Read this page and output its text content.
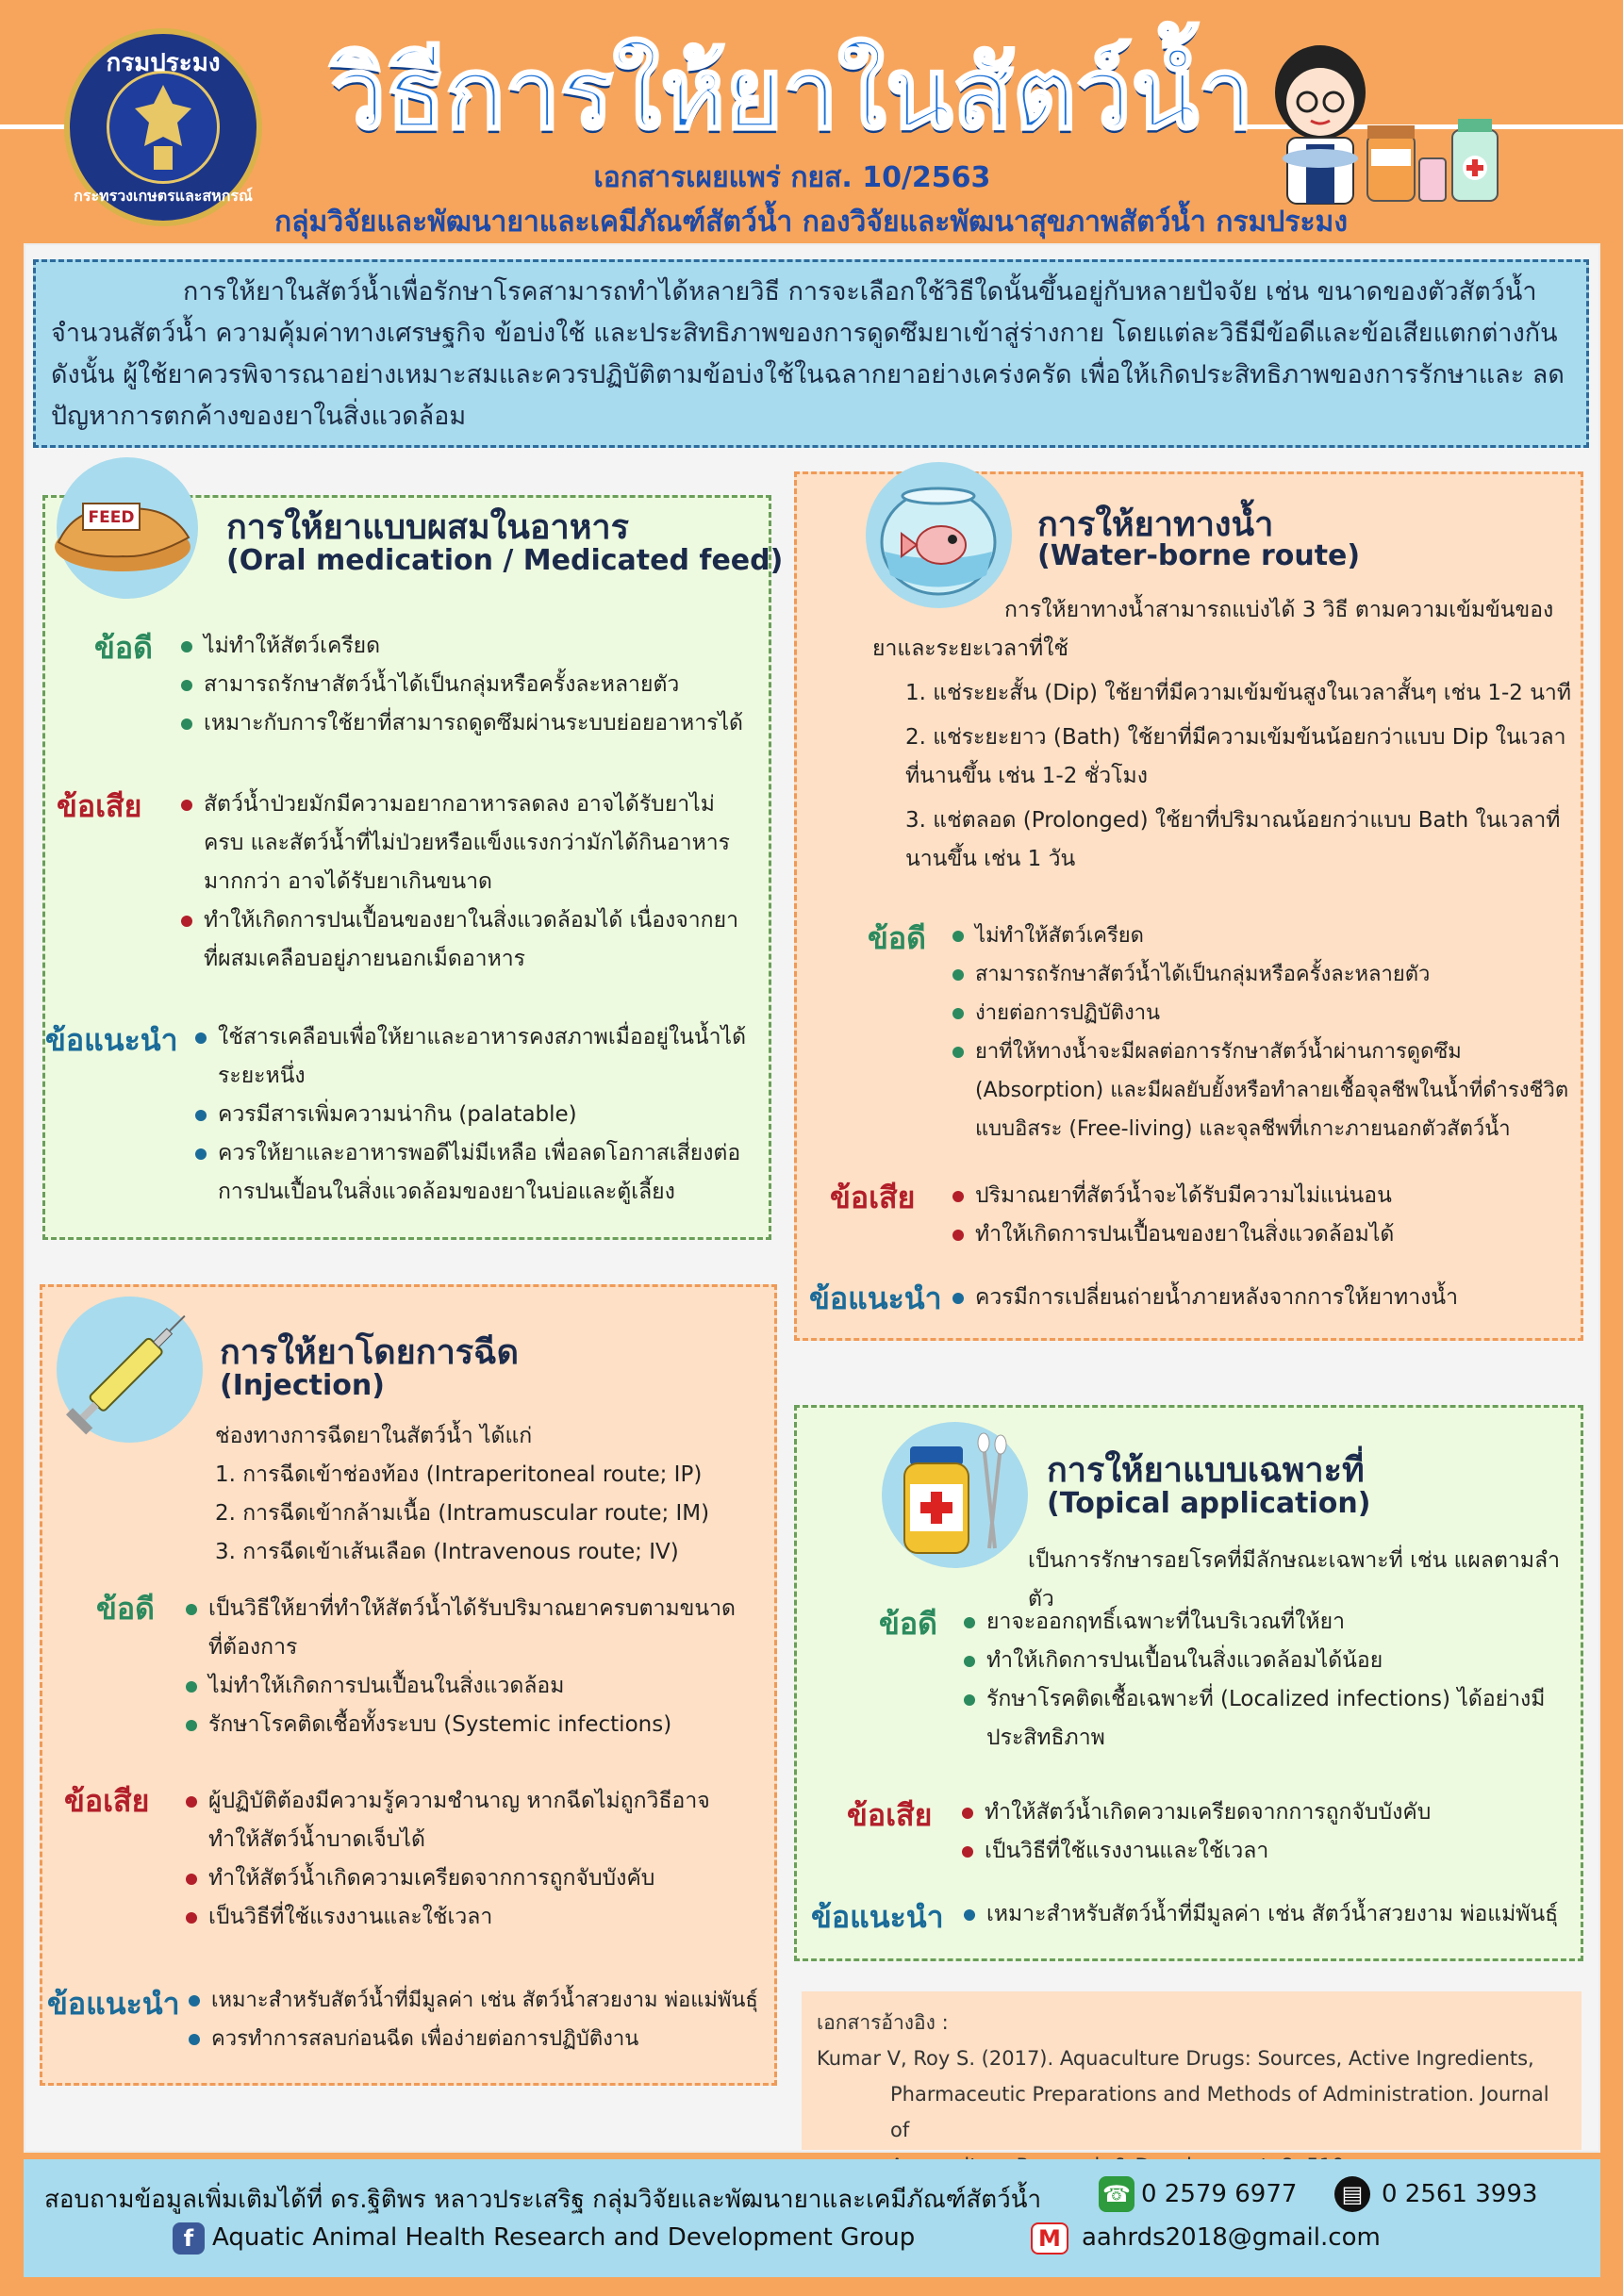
กรมประมง
กระทรวงเกษตรและสหกรณ์
วิธีการให้ยาในสัตว์น้ำ
เอกสารเผยแพร่ กยส. 10/2563
กลุ่มวิจัยและพัฒนายาและเคมีภัณฑ์สัตว์น้ำ กองวิจัยและพัฒนาสุขภาพสัตว์น้ำ กรมประมง

การให้ยาในสัตว์น้ำเพื่อรักษาโรคสามารถทำได้หลายวิธี การจะเลือกใช้วิธีใดนั้นขึ้นอยู่กับหลายปัจจัย เช่น ขนาดของตัวสัตว์น้ำ จำนวนสัตว์น้ำ ความคุ้มค่าทางเศรษฐกิจ ข้อบ่งใช้ และประสิทธิภาพของการดูดซึมยาเข้าสู่ร่างกาย โดยแต่ละวิธีมีข้อดีและข้อเสียแตกต่างกัน ดังนั้น ผู้ใช้ยาควรพิจารณาอย่างเหมาะสมและควรปฏิบัติตามข้อบ่งใช้ในฉลากยาอย่างเคร่งครัด เพื่อให้เกิดประสิทธิภาพของการรักษาและ ลดปัญหาการตกค้างของยาในสิ่งแวดล้อม

FEED	การให้ยาแบบผสมในอาหาร
(Oral medication / Medicated feed)
ข้อดี	ไม่ทำให้สัตว์เครียด
สามารถรักษาสัตว์น้ำได้เป็นกลุ่มหรือครั้งละหลายตัว
เหมาะกับการใช้ยาที่สามารถดูดซึมผ่านระบบย่อยอาหารได้
ข้อเสีย	สัตว์น้ำป่วยมักมีความอยากอาหารลดลง อาจได้รับยาไม่ครบ และสัตว์น้ำที่ไม่ป่วยหรือแข็งแรงกว่ามักได้กินอาหารมากกว่า อาจได้รับยาเกินขนาด
ทำให้เกิดการปนเปื้อนของยาในสิ่งแวดล้อมได้ เนื่องจากยาที่ผสมเคลือบอยู่ภายนอกเม็ดอาหาร
ข้อแนะนำ	ใช้สารเคลือบเพื่อให้ยาและอาหารคงสภาพเมื่ออยู่ในน้ำได้ระยะหนึ่ง
ควรมีสารเพิ่มความน่ากิน (palatable)
ควรให้ยาและอาหารพอดีไม่มีเหลือ เพื่อลดโอกาสเสี่ยงต่อการปนเปื้อนในสิ่งแวดล้อมของยาในบ่อและตู้เลี้ยง
การให้ยาทางน้ำ
(Water-borne route)
การให้ยาทางน้ำสามารถแบ่งได้ 3 วิธี ตามความเข้มข้นของยาและระยะเวลาที่ใช้
1. แช่ระยะสั้น (Dip) ใช้ยาที่มีความเข้มข้นสูงในเวลาสั้นๆ เช่น 1-2 นาที
2. แช่ระยะยาว (Bath) ใช้ยาที่มีความเข้มข้นน้อยกว่าแบบ Dip ในเวลาที่นานขึ้น เช่น 1-2 ชั่วโมง
3. แช่ตลอด (Prolonged) ใช้ยาที่ปริมาณน้อยกว่าแบบ Bath ในเวลาที่นานขึ้น เช่น 1 วัน
ข้อดี	ไม่ทำให้สัตว์เครียด
สามารถรักษาสัตว์น้ำได้เป็นกลุ่มหรือครั้งละหลายตัว
ง่ายต่อการปฏิบัติงาน
ยาที่ให้ทางน้ำจะมีผลต่อการรักษาสัตว์น้ำผ่านการดูดซึม (Absorption) และมีผลยับยั้งหรือทำลายเชื้อจุลชีพในน้ำที่ดำรงชีวิตแบบอิสระ (Free-living) และจุลชีพที่เกาะภายนอกตัวสัตว์น้ำ
ข้อเสีย	ปริมาณยาที่สัตว์น้ำจะได้รับมีความไม่แน่นอน
ทำให้เกิดการปนเปื้อนของยาในสิ่งแวดล้อมได้
ข้อแนะนำ	ควรมีการเปลี่ยนถ่ายน้ำภายหลังจากการให้ยาทางน้ำ
การให้ยาโดยการฉีด
(Injection)
ช่องทางการฉีดยาในสัตว์น้ำ ได้แก่
1. การฉีดเข้าช่องท้อง (Intraperitoneal route; IP)
2. การฉีดเข้ากล้ามเนื้อ (Intramuscular route; IM)
3. การฉีดเข้าเส้นเลือด (Intravenous route; IV)
ข้อดี	เป็นวิธีให้ยาที่ทำให้สัตว์น้ำได้รับปริมาณยาครบตามขนาดที่ต้องการ
ไม่ทำให้เกิดการปนเปื้อนในสิ่งแวดล้อม
รักษาโรคติดเชื้อทั้งระบบ (Systemic infections)
ข้อเสีย	ผู้ปฏิบัติต้องมีความรู้ความชำนาญ หากฉีดไม่ถูกวิธีอาจทำให้สัตว์น้ำบาดเจ็บได้
ทำให้สัตว์น้ำเกิดความเครียดจากการถูกจับบังคับ
เป็นวิธีที่ใช้แรงงานและใช้เวลา
ข้อแนะนำ	เหมาะสำหรับสัตว์น้ำที่มีมูลค่า เช่น สัตว์น้ำสวยงาม พ่อแม่พันธุ์
ควรทำการสลบก่อนฉีด เพื่อง่ายต่อการปฏิบัติงาน
การให้ยาแบบเฉพาะที่
(Topical application)
เป็นการรักษารอยโรคที่มีลักษณะเฉพาะที่ เช่น แผลตามลำตัว
ข้อดี	ยาจะออกฤทธิ์เฉพาะที่ในบริเวณที่ให้ยา
ทำให้เกิดการปนเปื้อนในสิ่งแวดล้อมได้น้อย
รักษาโรคติดเชื้อเฉพาะที่ (Localized infections) ได้อย่างมีประสิทธิภาพ
ข้อเสีย	ทำให้สัตว์น้ำเกิดความเครียดจากการถูกจับบังคับ
เป็นวิธีที่ใช้แรงงานและใช้เวลา
ข้อแนะนำ	เหมาะสำหรับสัตว์น้ำที่มีมูลค่า เช่น สัตว์น้ำสวยงาม พ่อแม่พันธุ์
เอกสารอ้างอิง :
Kumar V, Roy S. (2017). Aquaculture Drugs: Sources, Active Ingredients,
Pharmaceutic Preparations and Methods of Administration. Journal of
สอบถามข้อมูลเพิ่มเติมได้ที่ ดร.ฐิติพร หลาวประเสริฐ กลุ่มวิจัยและพัฒนายาและเคมีภัณฑ์สัตว์น้ำ	☎ 0 2579 6977	▤ 0 2561 3993
f Aquatic Animal Health Research and Development Group	M aahrds2018@gmail.com
